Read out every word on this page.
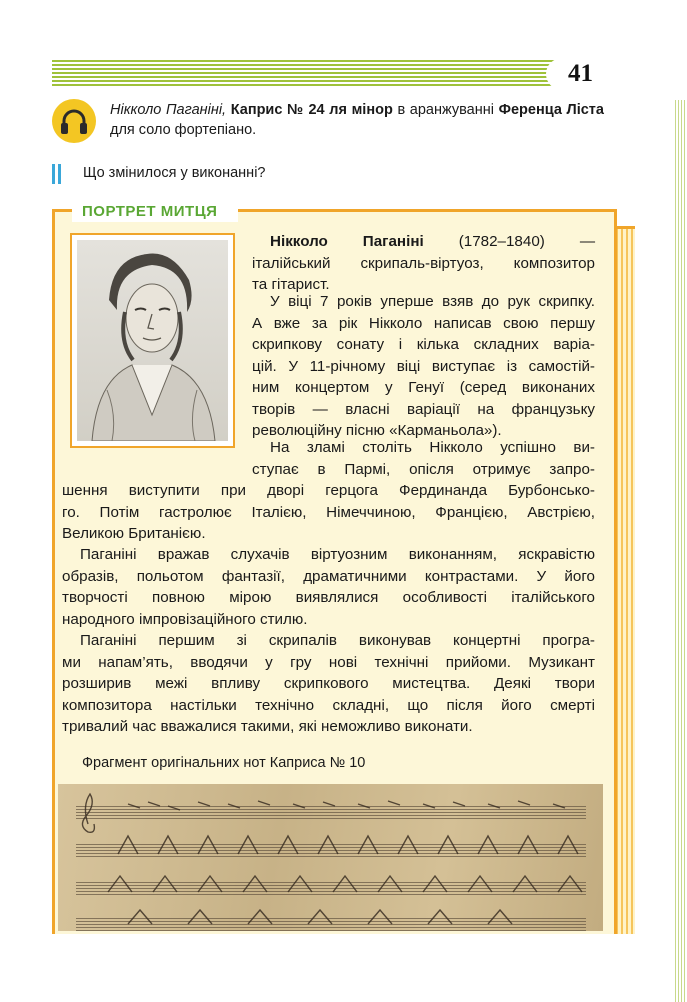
41
Нікколо Паганіні, Каприс № 24 ля мінор в аранжуванні Ференца Ліста для соло фортепіано.
Що змінилося у виконанні?
ПОРТРЕТ МИТЦЯ
Нікколо Паганіні (1782–1840) —
італійський скрипаль-віртуоз, композитор
та гітарист.
У віці 7 років уперше взяв до рук скрипку.
А вже за рік Нікколо написав свою першу
скрипкову сонату і кілька складних варіа-
цій. У 11-річному віці виступає із самостій-
ним концертом у Генуї (серед виконаних
творів — власні варіації на французьку
революційну пісню «Карманьола»).
На зламі століть Нікколо успішно ви-
ступає в Пармі, опісля отримує запро-
шення виступити при дворі герцога Фердинанда Бурбонсько-
го. Потім гастролює Італією, Німеччиною, Францією, Австрією,
Великою Британією.
Паганіні вражав слухачів віртуозним виконанням, яскравістю
образів, польотом фантазії, драматичними контрастами. У його
творчості повною мірою виявлялися особливості італійського
народного імпровізаційного стилю.
Паганіні першим зі скрипалів виконував концертні програ-
ми напам’ять, вводячи у гру нові технічні прийоми. Музикант
розширив межі впливу скрипкового мистецтва. Деякі твори
композитора настільки технічно складні, що після його смерті
тривалий час вважалися такими, які неможливо виконати.
Фрагмент оригінальних нот Каприса № 10
